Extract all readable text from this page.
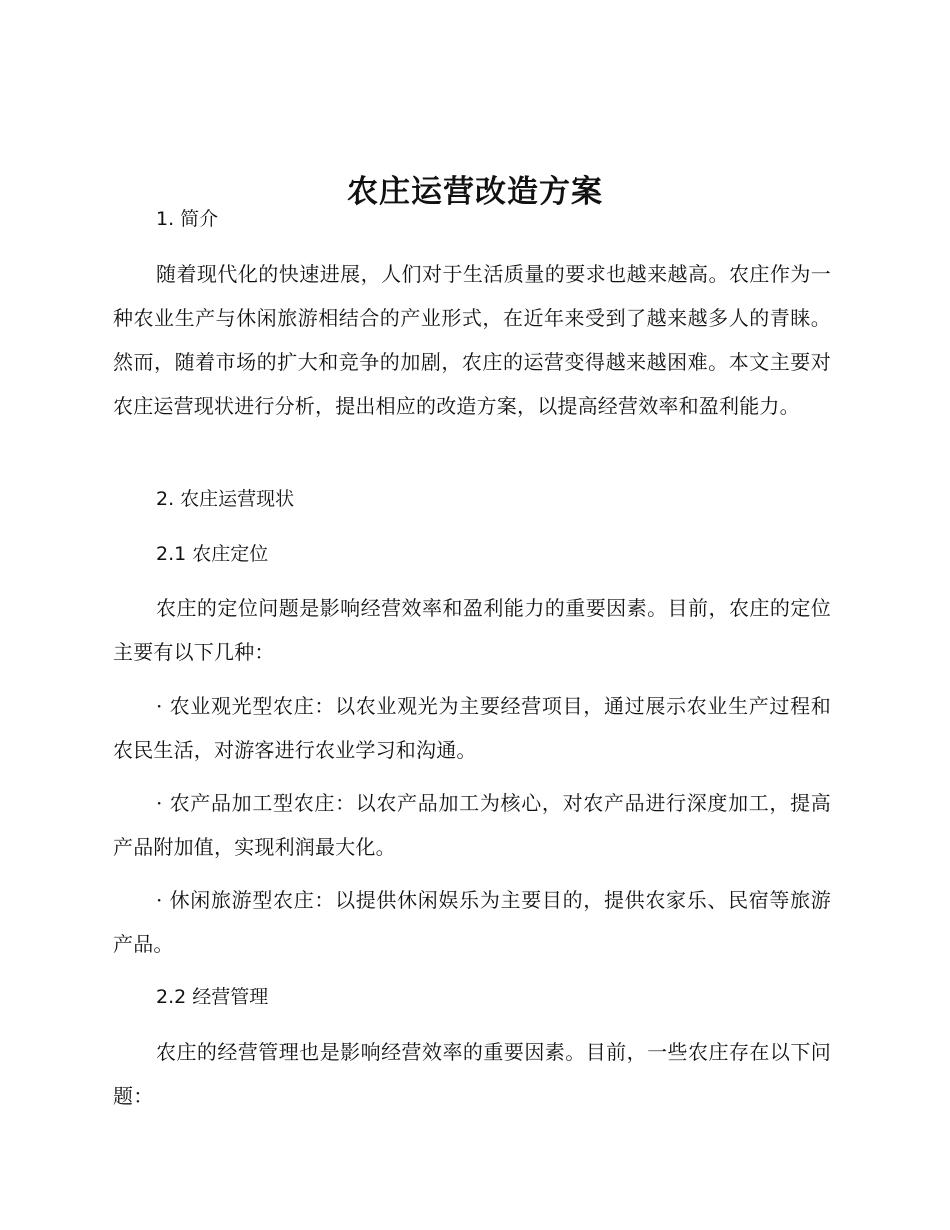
农庄运营改造方案
1. 简介

随着现代化的快速进展，人们对于生活质量的要求也越来越高。农庄作为一种农业生产与休闲旅游相结合的产业形式，在近年来受到了越来越多人的青睐。然而，随着市场的扩大和竞争的加剧，农庄的运营变得越来越困难。本文主要对农庄运营现状进行分析，提出相应的改造方案，以提高经营效率和盈利能力。

2. 农庄运营现状
2.1 农庄定位

农庄的定位问题是影响经营效率和盈利能力的重要因素。目前，农庄的定位主要有以下几种：

· 农业观光型农庄：以农业观光为主要经营项目，通过展示农业生产过程和农民生活，对游客进行农业学习和沟通。

· 农产品加工型农庄：以农产品加工为核心，对农产品进行深度加工，提高产品附加值，实现利润最大化。

· 休闲旅游型农庄：以提供休闲娱乐为主要目的，提供农家乐、民宿等旅游产品。

2.2 经营管理

农庄的经营管理也是影响经营效率的重要因素。目前，一些农庄存在以下问题：
